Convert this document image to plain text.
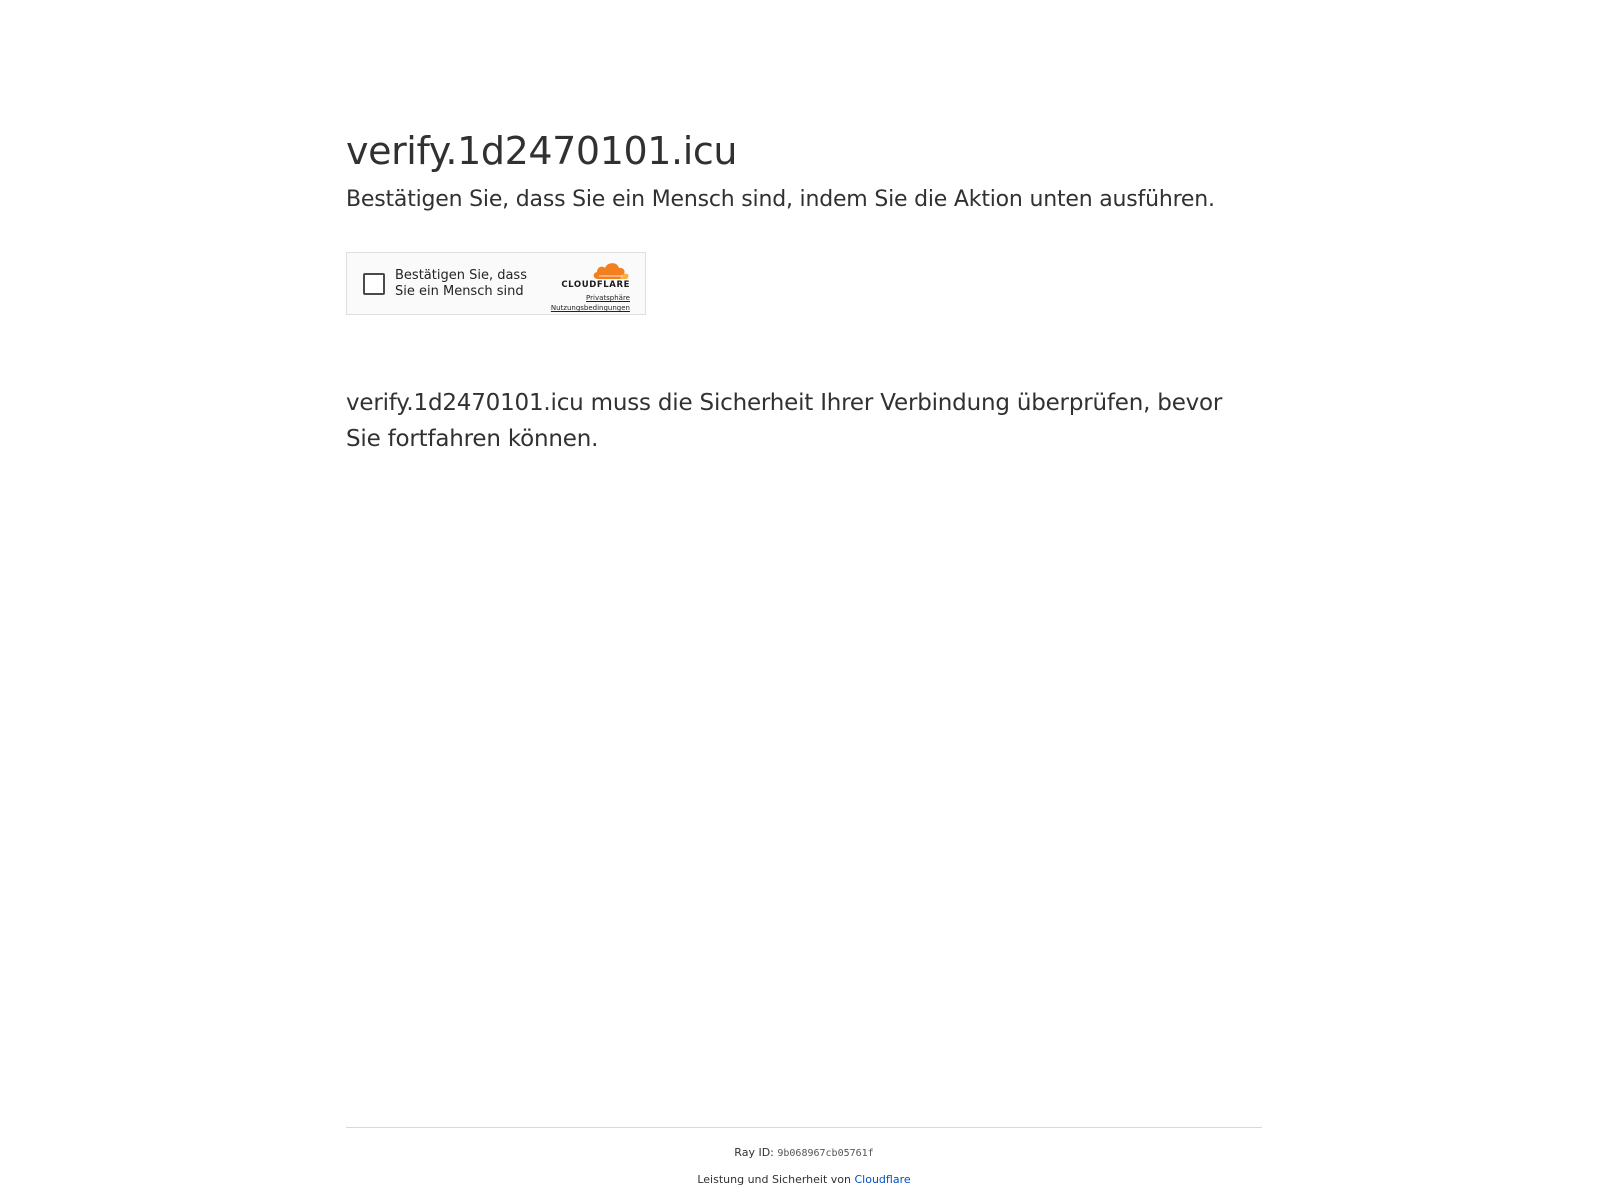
verify.1d2470101.icu

Bestätigen Sie, dass Sie ein Mensch sind, indem Sie die Aktion unten ausführen.

Bestätigen Sie, dass Sie ein Mensch sind	CLOUDFLARE
Privatsphäre
Nutzungsbedingungen
verify.1d2470101.icu muss die Sicherheit Ihrer Verbindung überprüfen, bevor Sie fortfahren können.
Ray ID: 9b068967cb05761f
Leistung und Sicherheit von Cloudflare
